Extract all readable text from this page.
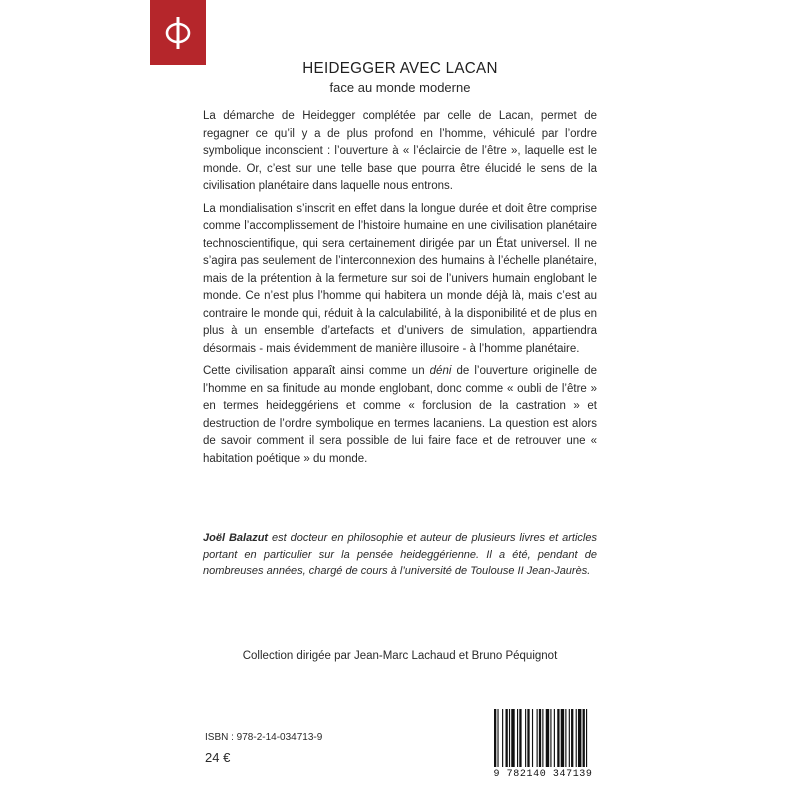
HEIDEGGER AVEC LACAN
face au monde moderne

La démarche de Heidegger complétée par celle de Lacan, permet de regagner ce qu’il y a de plus profond en l’homme, véhiculé par l’ordre symbolique inconscient : l’ouverture à « l’éclaircie de l’être », laquelle est le monde. Or, c’est sur une telle base que pourra être élucidé le sens de la civilisation planétaire dans laquelle nous entrons.

La mondialisation s’inscrit en effet dans la longue durée et doit être comprise comme l’accomplissement de l’histoire humaine en une civilisation planétaire technoscientifique, qui sera certainement dirigée par un État universel. Il ne s’agira pas seulement de l’interconnexion des humains à l’échelle planétaire, mais de la prétention à la fermeture sur soi de l’univers humain englobant le monde. Ce n’est plus l’homme qui habitera un monde déjà là, mais c’est au contraire le monde qui, réduit à la calculabilité, à la disponibilité et de plus en plus à un ensemble d’artefacts et d’univers de simulation, appartiendra désormais - mais évidemment de manière illusoire - à l’homme planétaire.

Cette civilisation apparaît ainsi comme un déni de l’ouverture originelle de l’homme en sa finitude au monde englobant, donc comme « oubli de l’être » en termes heideggériens et comme « forclusion de la castration » et destruction de l’ordre symbolique en termes lacaniens. La question est alors de savoir comment il sera possible de lui faire face et de retrouver une « habitation poétique » du monde.

Joël Balazut est docteur en philosophie et auteur de plusieurs livres et articles portant en particulier sur la pensée heideggérienne. Il a été, pendant de nombreuses années, chargé de cours à l’université de Toulouse II Jean-Jaurès.
Collection dirigée par Jean-Marc Lachaud et Bruno Péquignot
ISBN : 978-2-14-034713-9
24 €
9 782140 347139
